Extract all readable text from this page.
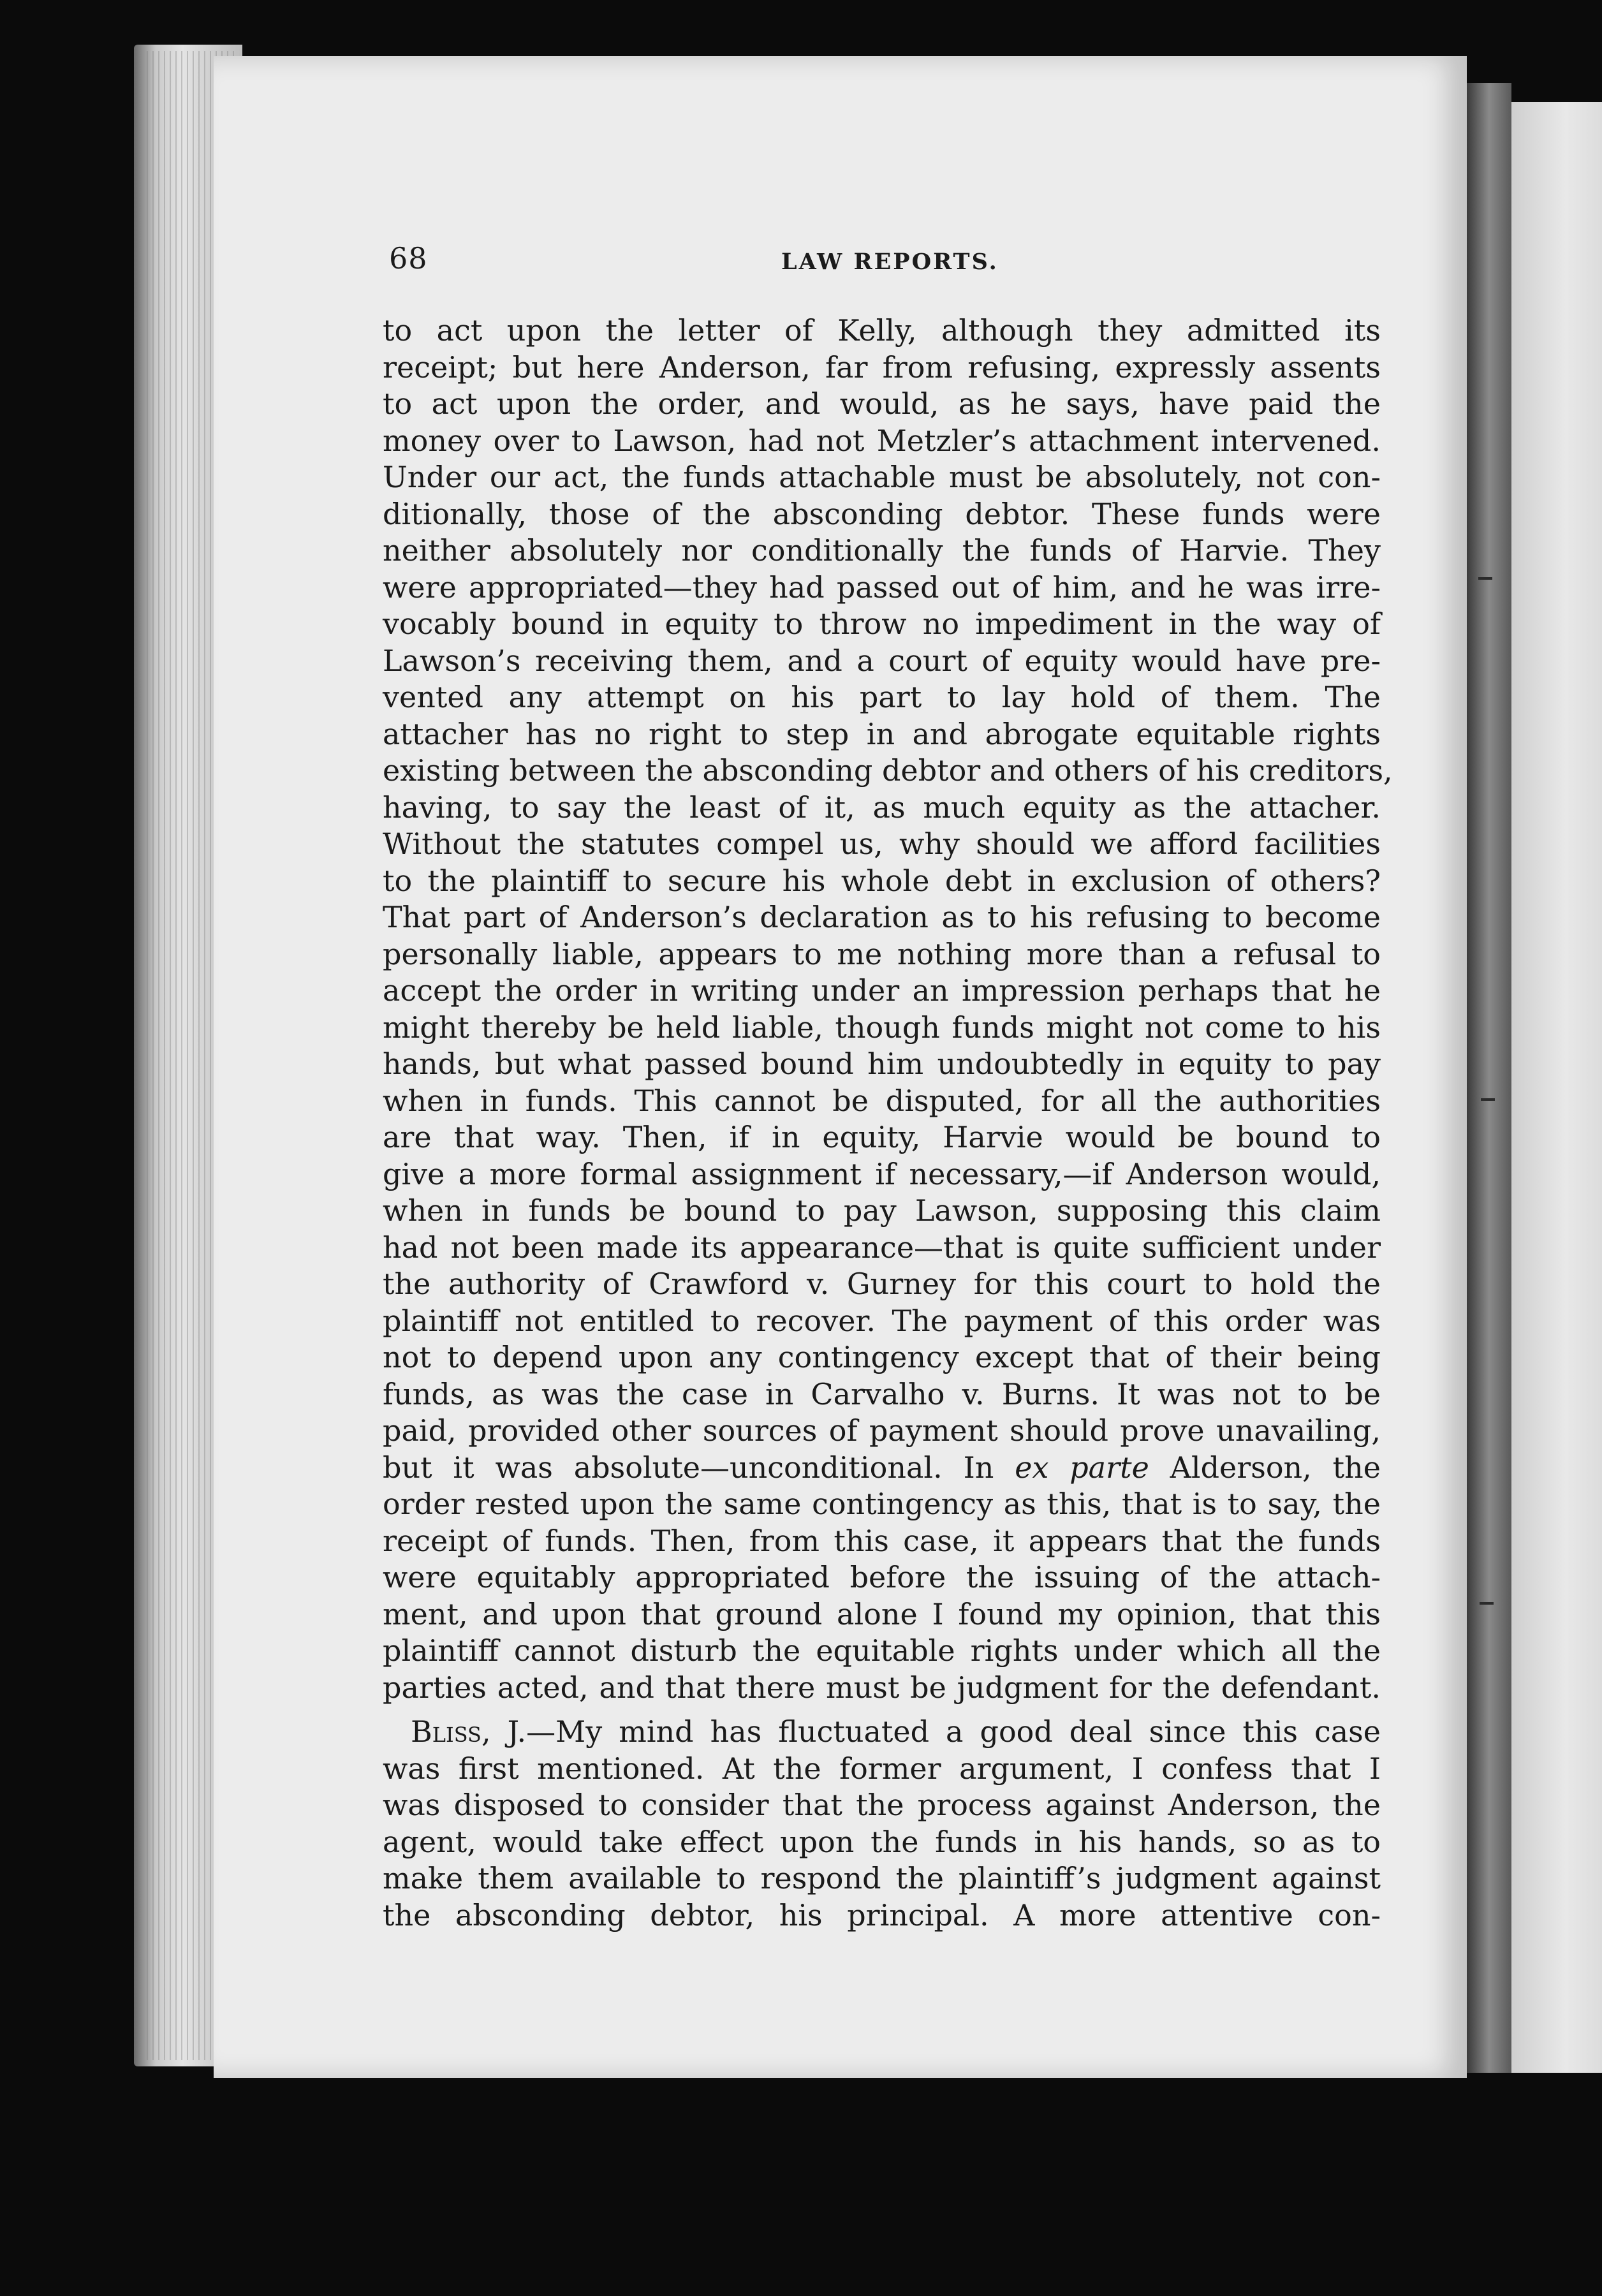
68	LAW REPORTS.
to act upon the letter of Kelly, although they admitted its
receipt; but here Anderson, far from refusing, expressly assents
to act upon the order, and would, as he says, have paid the
money over to Lawson, had not Metzler’s attachment intervened.
Under our act, the funds attachable must be absolutely, not con-
ditionally, those of the absconding debtor. These funds were
neither absolutely nor conditionally the funds of Harvie. They
were appropriated—they had passed out of him, and he was irre-
vocably bound in equity to throw no impediment in the way of
Lawson’s receiving them, and a court of equity would have pre-
vented any attempt on his part to lay hold of them. The
attacher has no right to step in and abrogate equitable rights
existing between the absconding debtor and others of his creditors,
having, to say the least of it, as much equity as the attacher.
Without the statutes compel us, why should we afford facilities
to the plaintiff to secure his whole debt in exclusion of others?
That part of Anderson’s declaration as to his refusing to become
personally liable, appears to me nothing more than a refusal to
accept the order in writing under an impression perhaps that he
might thereby be held liable, though funds might not come to his
hands, but what passed bound him undoubtedly in equity to pay
when in funds. This cannot be disputed, for all the authorities
are that way. Then, if in equity, Harvie would be bound to
give a more formal assignment if necessary,—if Anderson would,
when in funds be bound to pay Lawson, supposing this claim
had not been made its appearance—that is quite sufficient under
the authority of Crawford v. Gurney for this court to hold the
plaintiff not entitled to recover. The payment of this order was
not to depend upon any contingency except that of their being
funds, as was the case in Carvalho v. Burns. It was not to be
paid, provided other sources of payment should prove unavailing,
but it was absolute—unconditional. In ex parte Alderson, the
order rested upon the same contingency as this, that is to say, the
receipt of funds. Then, from this case, it appears that the funds
were equitably appropriated before the issuing of the attach-
ment, and upon that ground alone I found my opinion, that this
plaintiff cannot disturb the equitable rights under which all the
parties acted, and that there must be judgment for the defendant.
Bliss, J.—My mind has fluctuated a good deal since this case
was first mentioned. At the former argument, I confess that I
was disposed to consider that the process against Anderson, the
agent, would take effect upon the funds in his hands, so as to
make them available to respond the plaintiff’s judgment against
the absconding debtor, his principal. A more attentive con-
